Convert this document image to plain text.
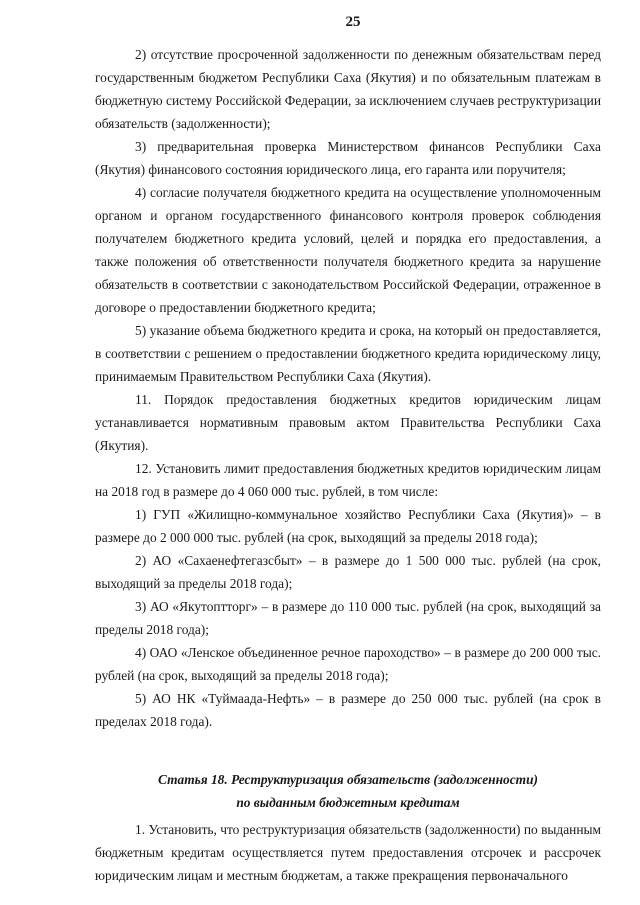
25

2) отсутствие просроченной задолженности по денежным обязательствам перед государственным бюджетом Республики Саха (Якутия) и по обязательным платежам в бюджетную систему Российской Федерации, за исключением случаев реструктуризации обязательств (задолженности);

3) предварительная проверка Министерством финансов Республики Саха (Якутия) финансового состояния юридического лица, его гаранта или поручителя;

4) согласие получателя бюджетного кредита на осуществление уполномоченным органом и органом государственного финансового контроля проверок соблюдения получателем бюджетного кредита условий, целей и порядка его предоставления, а также положения об ответственности получателя бюджетного кредита за нарушение обязательств в соответствии с законодательством Российской Федерации, отраженное в договоре о предоставлении бюджетного кредита;

5) указание объема бюджетного кредита и срока, на который он предоставляется, в соответствии с решением о предоставлении бюджетного кредита юридическому лицу, принимаемым Правительством Республики Саха (Якутия).

11. Порядок предоставления бюджетных кредитов юридическим лицам устанавливается нормативным правовым актом Правительства Республики Саха (Якутия).

12. Установить лимит предоставления бюджетных кредитов юридическим лицам на 2018 год в размере до 4 060 000 тыс. рублей, в том числе:

1) ГУП «Жилищно-коммунальное хозяйство Республики Саха (Якутия)» – в размере до 2 000 000 тыс. рублей (на срок, выходящий за пределы 2018 года);

2) АО «Сахаенефтегазсбыт» – в размере до 1 500 000 тыс. рублей (на срок, выходящий за пределы 2018 года);

3) АО «Якутоптторг» – в размере до 110 000 тыс. рублей (на срок, выходящий за пределы 2018 года);

4) ОАО «Ленское объединенное речное пароходство» – в размере до 200 000 тыс. рублей (на срок, выходящий за пределы 2018 года);

5) АО НК «Туймаада-Нефть» – в размере до 250 000 тыс. рублей (на срок в пределах 2018 года).

Статья 18. Реструктуризация обязательств (задолженности)
по выданным бюджетным кредитам

1. Установить, что реструктуризация обязательств (задолженности) по выданным бюджетным кредитам осуществляется путем предоставления отсрочек и рассрочек юридическим лицам и местным бюджетам, а также прекращения первоначального
